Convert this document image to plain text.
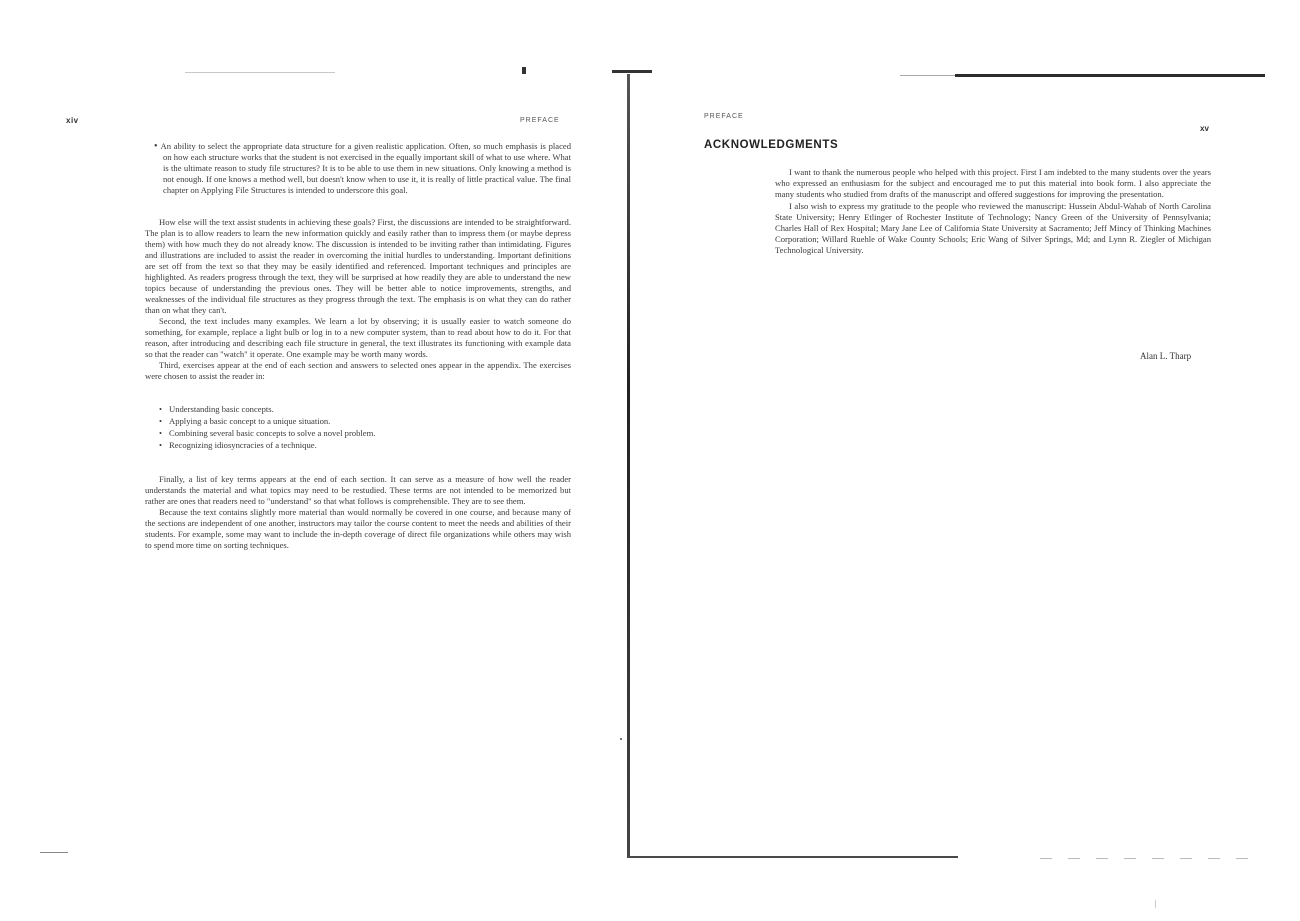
xiv	PREFACE

• An ability to select the appropriate data structure for a given realistic application. Often, so much emphasis is placed on how each structure works that the student is not exercised in the equally important skill of what to use where. What is the ultimate reason to study file structures? It is to be able to use them in new situations. Only knowing a method is not enough. If one knows a method well, but doesn't know when to use it, it is really of little practical value. The final chapter on Applying File Structures is intended to underscore this goal.

How else will the text assist students in achieving these goals? First, the discussions are intended to be straightforward. The plan is to allow readers to learn the new information quickly and easily rather than to impress them (or maybe depress them) with how much they do not already know. The discussion is intended to be inviting rather than intimidating. Figures and illustrations are included to assist the reader in overcoming the initial hurdles to understanding. Important definitions are set off from the text so that they may be easily identified and referenced. Important techniques and principles are highlighted. As readers progress through the text, they will be surprised at how readily they are able to understand the new topics because of understanding the previous ones. They will be better able to notice improvements, strengths, and weaknesses of the individual file structures as they progress through the text. The emphasis is on what they can do rather than on what they can't.

Second, the text includes many examples. We learn a lot by observing; it is usually easier to watch someone do something, for example, replace a light bulb or log in to a new computer system, than to read about how to do it. For that reason, after introducing and describing each file structure in general, the text illustrates its functioning with example data so that the reader can "watch" it operate. One example may be worth many words.

Third, exercises appear at the end of each section and answers to selected ones appear in the appendix. The exercises were chosen to assist the reader in:

• Understanding basic concepts.
• Applying a basic concept to a unique situation.
• Combining several basic concepts to solve a novel problem.
• Recognizing idiosyncracies of a technique.

Finally, a list of key terms appears at the end of each section. It can serve as a measure of how well the reader understands the material and what topics may need to be restudied. These terms are not intended to be memorized but rather are ones that readers need to "understand" so that what follows is comprehensible. They are to see them.

Because the text contains slightly more material than would normally be covered in one course, and because many of the sections are independent of one another, instructors may tailor the course content to meet the needs and abilities of their students. For example, some may want to include the in-depth coverage of direct file organizations while others may wish to spend more time on sorting techniques.

PREFACE
xv
ACKNOWLEDGMENTS

I want to thank the numerous people who helped with this project. First I am indebted to the many students over the years who expressed an enthusiasm for the subject and encouraged me to put this material into book form. I also appreciate the many students who studied from drafts of the manuscript and offered suggestions for improving the presentation.

I also wish to express my gratitude to the people who reviewed the manuscript: Hussein Abdul-Wahab of North Carolina State University; Henry Etlinger of Rochester Institute of Technology; Nancy Green of the University of Pennsylvania; Charles Hall of Rex Hospital; Mary Jane Lee of California State University at Sacramento; Jeff Mincy of Thinking Machines Corporation; Willard Ruehle of Wake County Schools; Eric Wang of Silver Springs, Md; and Lynn R. Ziegler of Michigan Technological University.

Alan L. Tharp
